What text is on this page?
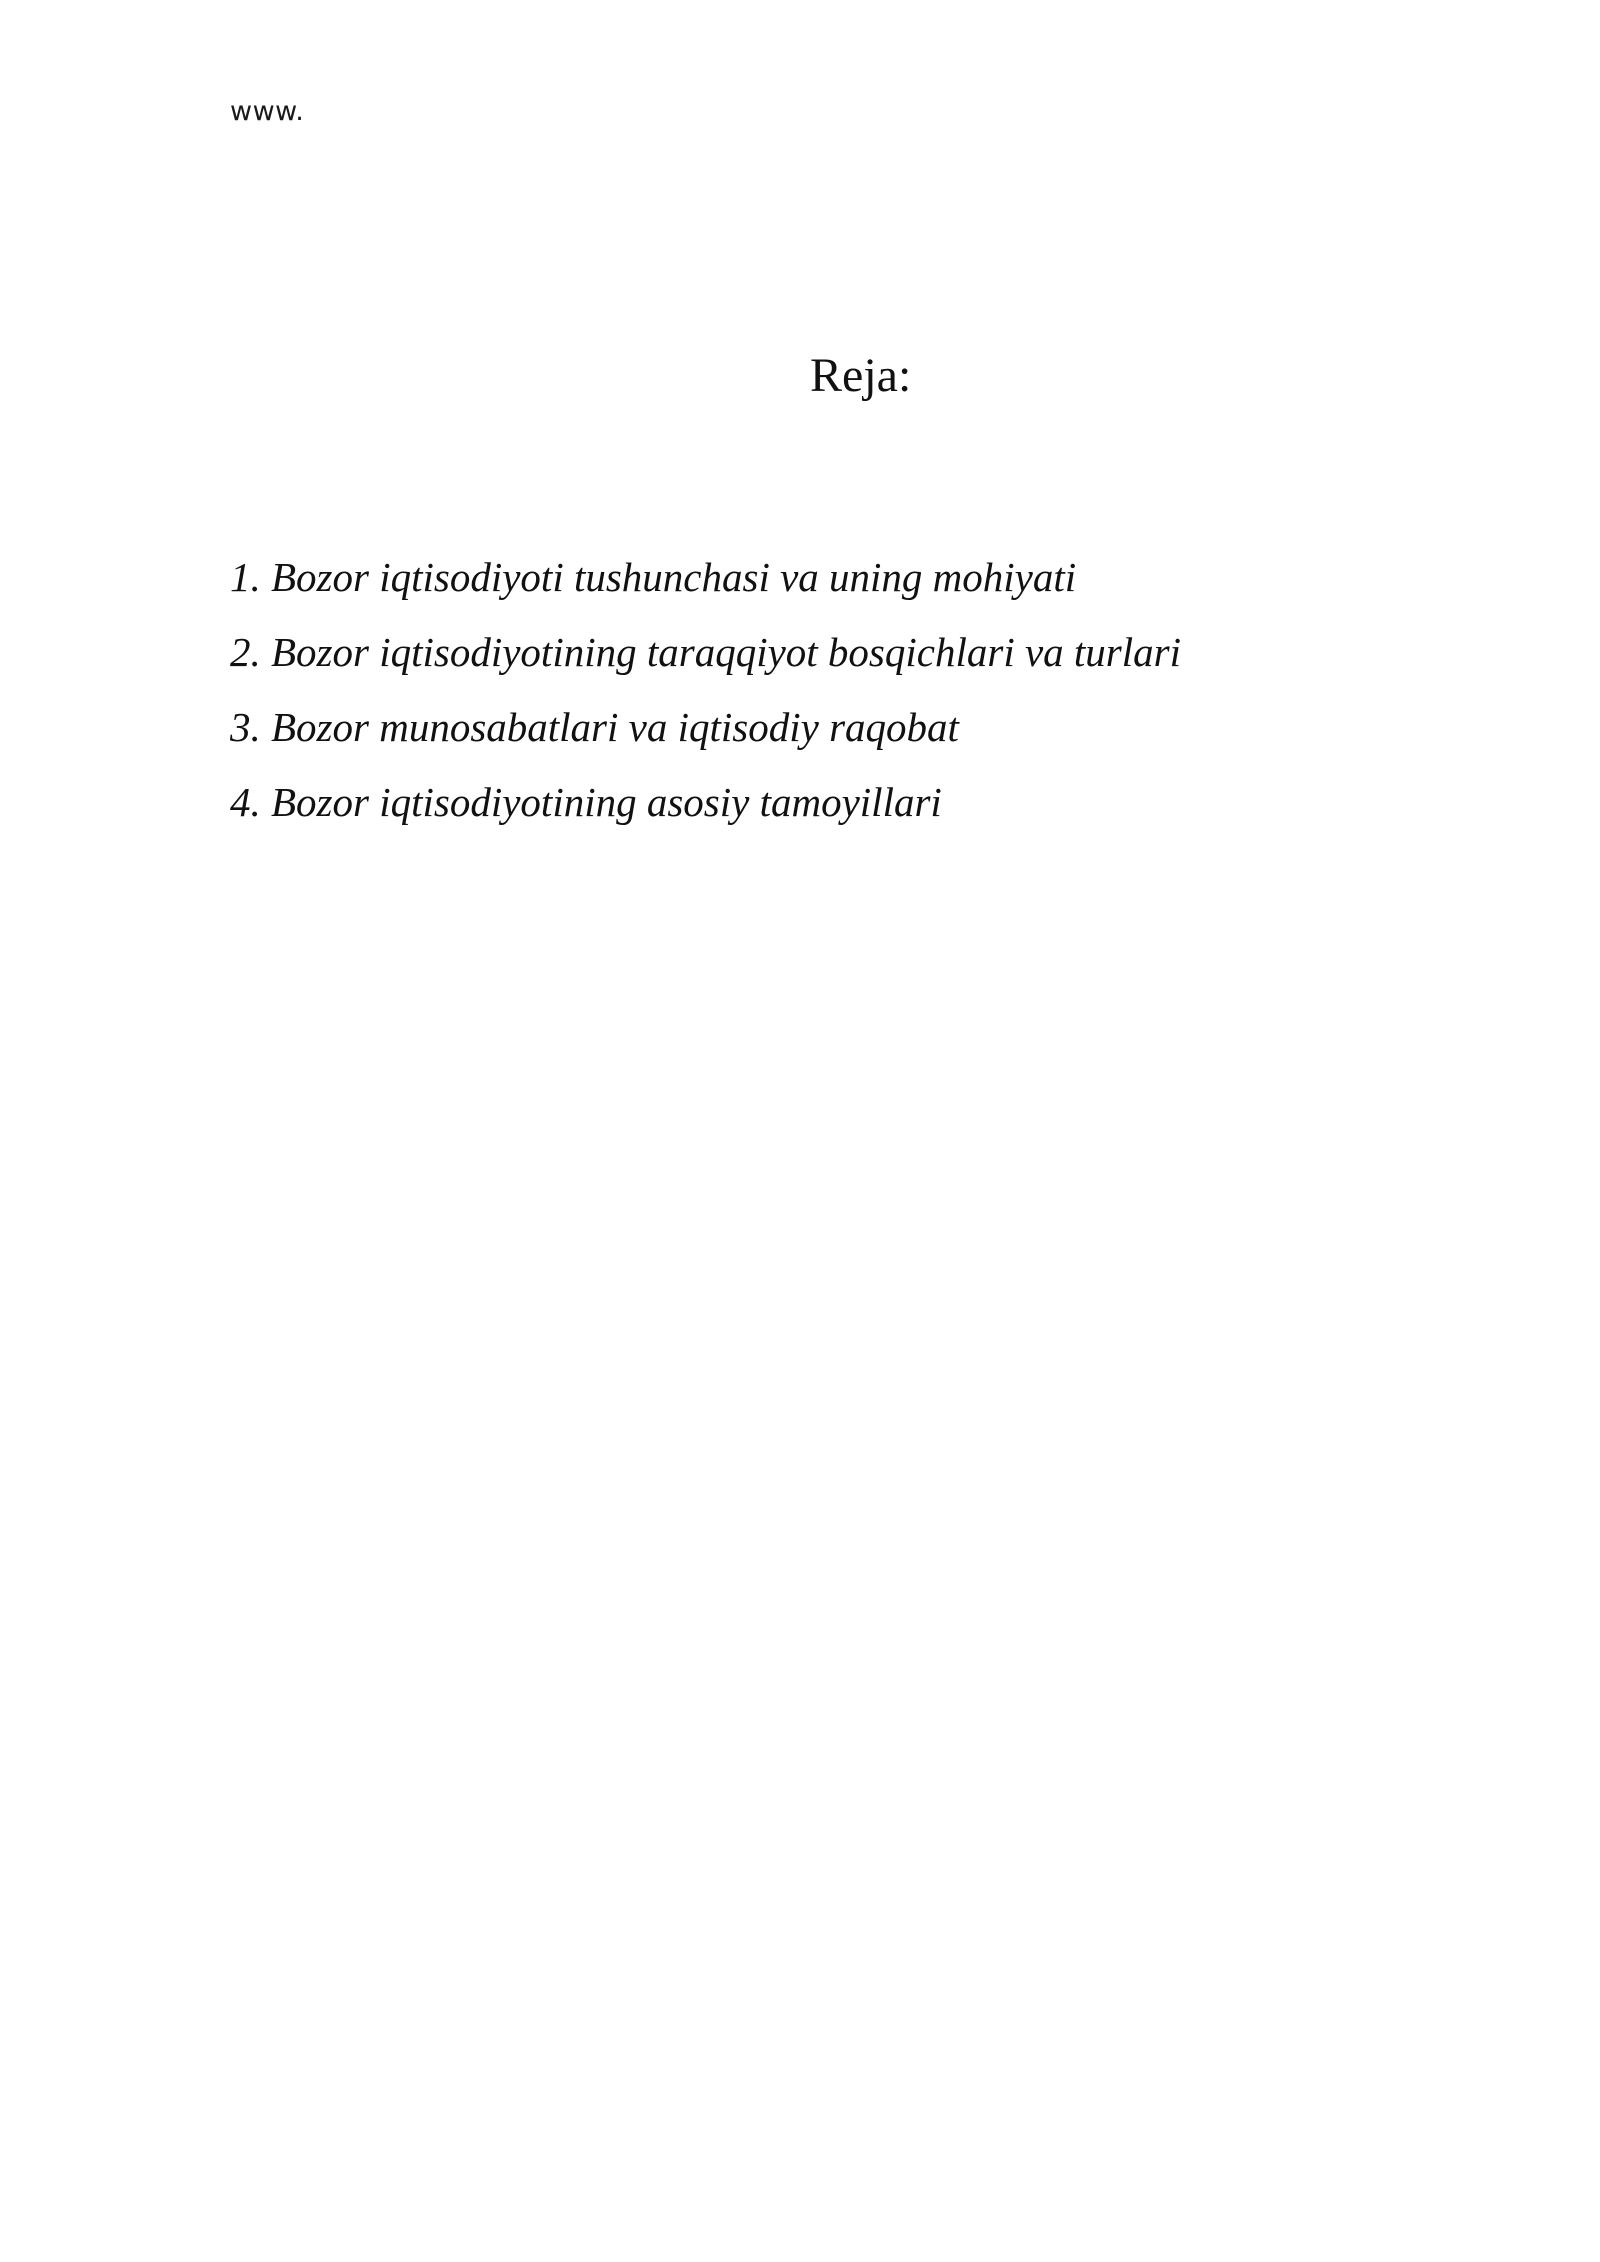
www.
Reja:
1. Bozor iqtisodiyoti tushunchasi va uning mohiyati
2. Bozor iqtisodiyotining taraqqiyot bosqichlari va turlari
3. Bozor munosabatlari va iqtisodiy raqobat
4. Bozor iqtisodiyotining asosiy tamoyillari
